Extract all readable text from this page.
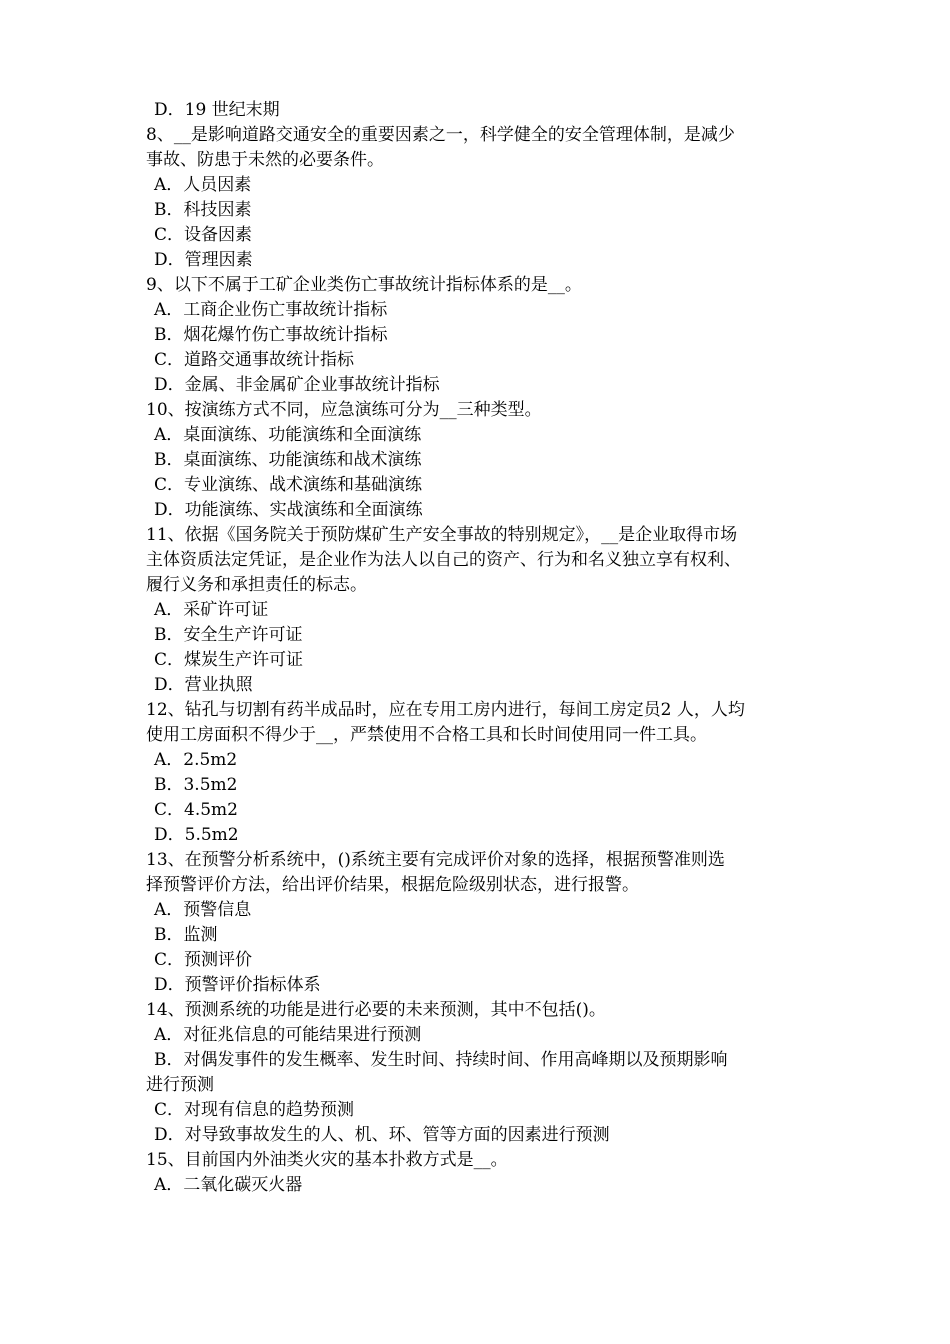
D．19 世纪末期
8、__是影响道路交通安全的重要因素之一，科学健全的安全管理体制，是减少
事故、防患于未然的必要条件。
A．人员因素
B．科技因素
C．设备因素
D．管理因素
9、以下不属于工矿企业类伤亡事故统计指标体系的是__。
A．工商企业伤亡事故统计指标
B．烟花爆竹伤亡事故统计指标
C．道路交通事故统计指标
D．金属、非金属矿企业事故统计指标
10、按演练方式不同，应急演练可分为__三种类型。
A．桌面演练、功能演练和全面演练
B．桌面演练、功能演练和战术演练
C．专业演练、战术演练和基础演练
D．功能演练、实战演练和全面演练
11、依据《国务院关于预防煤矿生产安全事故的特别规定》，__是企业取得市场
主体资质法定凭证，是企业作为法人以自己的资产、行为和名义独立享有权利、
履行义务和承担责任的标志。
A．采矿许可证
B．安全生产许可证
C．煤炭生产许可证
D．营业执照
12、钻孔与切割有药半成品时，应在专用工房内进行，每间工房定员2 人，人均
使用工房面积不得少于__，严禁使用不合格工具和长时间使用同一件工具。
A．2.5m2
B．3.5m2
C．4.5m2
D．5.5m2
13、在预警分析系统中，()系统主要有完成评价对象的选择，根据预警准则选
择预警评价方法，给出评价结果，根据危险级别状态，进行报警。
A．预警信息
B．监测
C．预测评价
D．预警评价指标体系
14、预测系统的功能是进行必要的未来预测，其中不包括()。
A．对征兆信息的可能结果进行预测
B．对偶发事件的发生概率、发生时间、持续时间、作用高峰期以及预期影响
进行预测
C．对现有信息的趋势预测
D．对导致事故发生的人、机、环、管等方面的因素进行预测
15、目前国内外油类火灾的基本扑救方式是__。
A．二氧化碳灭火器
